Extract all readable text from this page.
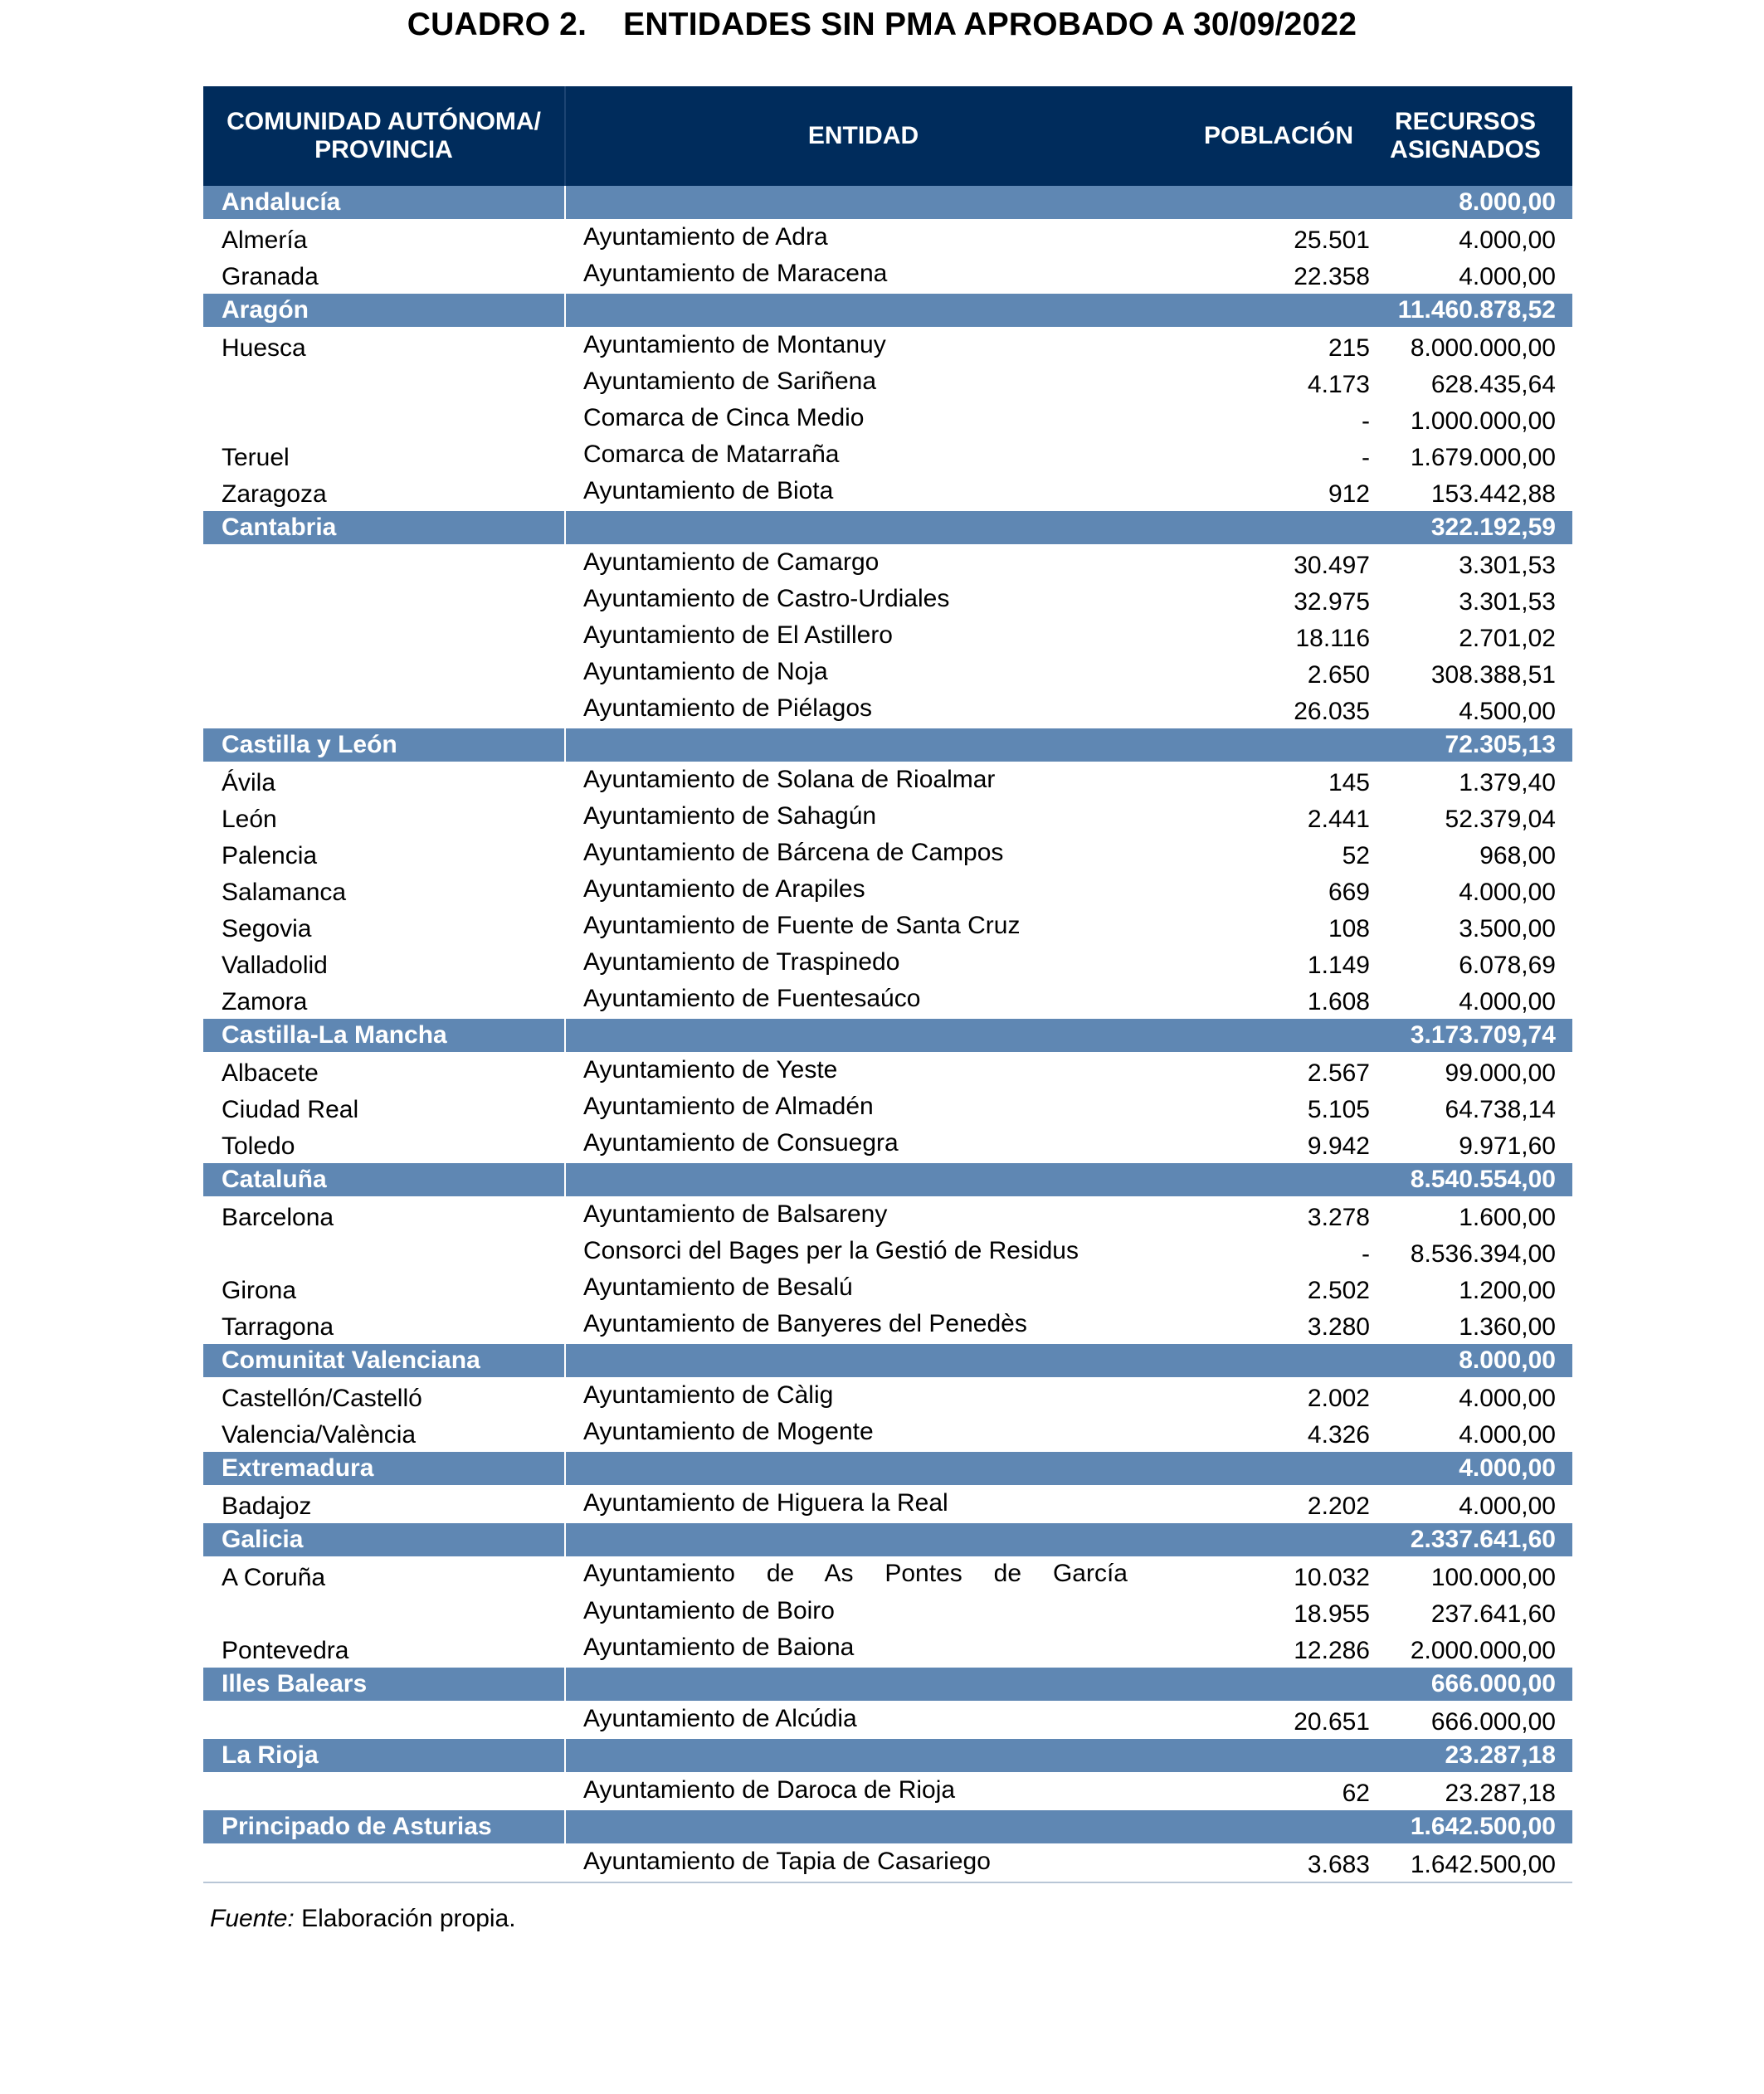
CUADRO 2. ENTIDADES SIN PMA APROBADO A 30/09/2022
COMUNIDAD AUTÓNOMA/ PROVINCIA	ENTIDAD	POBLACIÓN	RECURSOS ASIGNADOS

Andalucía			8.000,00
Almería	Ayuntamiento de Adra	25.501	4.000,00
Granada	Ayuntamiento de Maracena	22.358	4.000,00
Aragón			11.460.878,52
Huesca	Ayuntamiento de Montanuy	215	8.000.000,00
	Ayuntamiento de Sariñena	4.173	628.435,64
	Comarca de Cinca Medio	-	1.000.000,00
Teruel	Comarca de Matarraña	-	1.679.000,00
Zaragoza	Ayuntamiento de Biota	912	153.442,88
Cantabria			322.192,59
	Ayuntamiento de Camargo	30.497	3.301,53
	Ayuntamiento de Castro-Urdiales	32.975	3.301,53
	Ayuntamiento de El Astillero	18.116	2.701,02
	Ayuntamiento de Noja	2.650	308.388,51
	Ayuntamiento de Piélagos	26.035	4.500,00
Castilla y León			72.305,13
Ávila	Ayuntamiento de Solana de Rioalmar	145	1.379,40
León	Ayuntamiento de Sahagún	2.441	52.379,04
Palencia	Ayuntamiento de Bárcena de Campos	52	968,00
Salamanca	Ayuntamiento de Arapiles	669	4.000,00
Segovia	Ayuntamiento de Fuente de Santa Cruz	108	3.500,00
Valladolid	Ayuntamiento de Traspinedo	1.149	6.078,69
Zamora	Ayuntamiento de Fuentesaúco	1.608	4.000,00
Castilla-La Mancha			3.173.709,74
Albacete	Ayuntamiento de Yeste	2.567	99.000,00
Ciudad Real	Ayuntamiento de Almadén	5.105	64.738,14
Toledo	Ayuntamiento de Consuegra	9.942	9.971,60
Cataluña			8.540.554,00
Barcelona	Ayuntamiento de Balsareny	3.278	1.600,00
	Consorci del Bages per la Gestió de Residus	-	8.536.394,00
Girona	Ayuntamiento de Besalú	2.502	1.200,00
Tarragona	Ayuntamiento de Banyeres del Penedès	3.280	1.360,00
Comunitat Valenciana			8.000,00
Castellón/Castelló	Ayuntamiento de Càlig	2.002	4.000,00
Valencia/València	Ayuntamiento de Mogente	4.326	4.000,00
Extremadura			4.000,00
Badajoz	Ayuntamiento de Higuera la Real	2.202	4.000,00
Galicia			2.337.641,60
A Coruña	Ayuntamiento de As Pontes de García	10.032	100.000,00
	Ayuntamiento de Boiro	18.955	237.641,60
Pontevedra	Ayuntamiento de Baiona	12.286	2.000.000,00
Illes Balears			666.000,00
	Ayuntamiento de Alcúdia	20.651	666.000,00
La Rioja			23.287,18
	Ayuntamiento de Daroca de Rioja	62	23.287,18
Principado de Asturias			1.642.500,00
	Ayuntamiento de Tapia de Casariego	3.683	1.642.500,00
Fuente: Elaboración propia.
